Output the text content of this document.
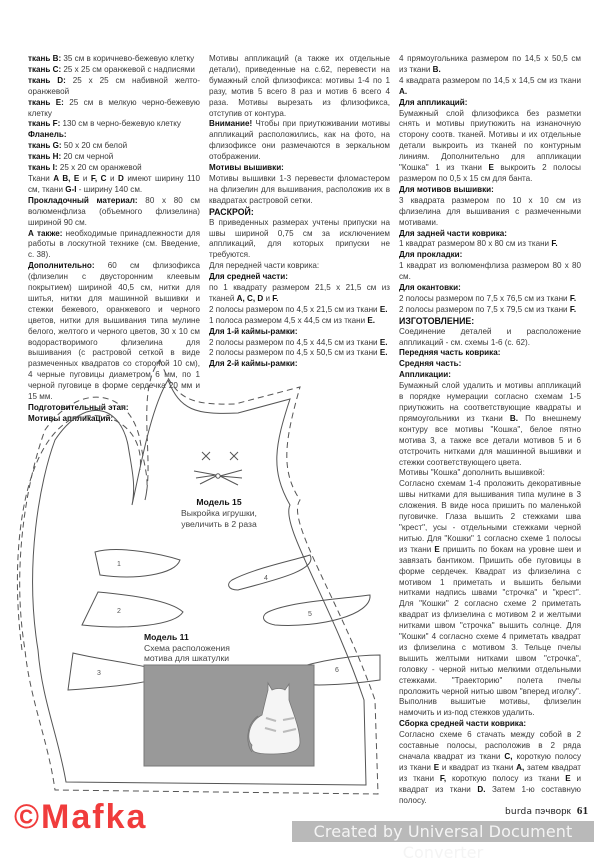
©Mafka

ткань B: 35 см в коричнево-бежевую клетку

ткань C: 25 x 25 см оранжевой с надписями

ткань D: 25 x 25 см набивной желто-оранжевой

ткань E: 25 см в мелкую черно-бежевую клетку

ткань F: 130 см в черно-бежевую клетку

Фланель:

ткань G: 50 x 20 см белой

ткань H: 20 см черной

ткань I: 25 x 20 см оранжевой

Ткани A B, E и F, C и D имеют ширину 110 см, ткани G-I - ширину 140 см.

Прокладочный материал: 80 x 80 см волюменфлиза (объемного флизелина) шириной 90 см.

А также: необходимые принадлежности для работы в лоскутной технике (см. Введение, с. 38).

Дополнительно: 60 см флизофикса (флизелин с двусторонним клеевым покрытием) шириной 40,5 см, нитки для шитья, нитки для машинной вышивки и стежки бежевого, оранжевого и черного цветов, нитки для вышивания типа мулине белого, желтого и черного цветов, 30 x 10 см водорастворимого флизелина для вышивания (с растровой сеткой в виде размеченных квадратов со стороной 10 см), 4 черные пуговицы диаметром 6 мм, по 1 черной пуговице в форме сердечка 20 мм и 15 мм.

Подготовительный этап:
Мотивы аппликаций:

Мотивы аппликаций (а также их отдельные детали), приведенные на с.62, перевести на бумажный слой флизофикса: мотивы 1-4 по 1 разу, мотив 5 всего 8 раз и мотив 6 всего 4 раза. Мотивы вырезать из флизофикса, отступив от контура.

Внимание! Чтобы при приутюживании мотивы аппликаций расположились, как на фото, на флизофиксе они размечаются в зеркальном отображении.

Мотивы вышивки:

Мотивы вышивки 1-3 перевести фломастером на флизелин для вышивания, расположив их в квадратах растровой сетки.

РАСКРОЙ:

В приведенных размерах учтены припуски на швы шириной 0,75 см за исключением аппликаций, для которых припуски не требуются.

Для передней части коврика:

Для средней части:

по 1 квадрату размером 21,5 x 21,5 см из тканей A, C, D и F.

2 полосы размером по 4,5 x 21,5 см из ткани E.

1 полоса размером 4,5 x 44,5 см из ткани E.

Для 1-й каймы-рамки:

2 полосы размером по 4,5 x 44,5 см из ткани E.

2 полосы размером по 4,5 x 50,5 см из ткани E.

Для 2-й каймы-рамки:

4 прямоугольника размером по 14,5 x 50,5 см из ткани B.

4 квадрата размером по 14,5 x 14,5 см из ткани A.

Для аппликаций:

Бумажный слой флизофикса без разметки снять и мотивы приутюжить на изнаночную сторону соотв. тканей. Мотивы и их отдельные детали выкроить из тканей по контурным линиям. Дополнительно для аппликации "Кошка" 1 из ткани E выкроить 2 полосы размером по 0,5 x 15 см для банта.

Для мотивов вышивки:

3 квадрата размером по 10 x 10 см из флизелина для вышивания с размеченными мотивами.

Для задней части коврика:

1 квадрат размером 80 x 80 см из ткани F.

Для прокладки:

1 квадрат из волюменфлиза размером 80 x 80 см.

Для окантовки:

2 полосы размером по 7,5 x 76,5 см из ткани F.

2 полосы размером по 7,5 x 79,5 см из ткани F.

ИЗГОТОВЛЕНИЕ:

Соединение деталей и расположение аппликаций - см. схемы 1-6 (с. 62).

Передняя часть коврика:
Средняя часть:
Аппликации:

Бумажный слой удалить и мотивы аппликаций в порядке нумерации согласно схемам 1-5 приутюжить на соответствующие квадраты и прямоугольники из ткани B. По внешнему контуру все мотивы "Кошка", белое пятно мотива 3, а также все детали мотивов 5 и 6 отстрочить нитками для машинной вышивки и стежки соответствующего цвета.

Мотивы "Кошка" дополнить вышивкой:

Согласно схемам 1-4 проложить декоративные швы нитками для вышивания типа мулине в 3 сложения. В виде носа пришить по маленькой пуговичке. Глаза вышить 2 стежками шва "крест", усы - отдельными стежками черной нитью. Для "Кошки" 1 согласно схеме 1 полосы из ткани E пришить по бокам на уровне шеи и завязать бантиком. Пришить обе пуговицы в форме сердечек. Квадрат из флизелина с мотивом 1 приметать и вышить белыми нитками надпись швами "строчка" и "крест". Для "Кошки" 2 согласно схеме 2 приметать квадрат из флизелина с мотивом 2 и желтыми нитками швом "строчка" вышить солнце. Для "Кошки" 4 согласно схеме 4 приметать квадрат из флизелина с мотивом 3. Тельце пчелы вышить желтыми нитками швом "строчка", головку - черной нитью мелкими отдельными стежками. "Траекторию" полета пчелы проложить черной нитью швом "вперед иголку". Выполнив вышитые мотивы, флизелин намочить и из-под стежков удалить.

Сборка средней части коврика:

Согласно схеме 6 стачать между собой в 2 составные полосы, расположив в 2 ряда сначала квадрат из ткани C, короткую полосу из ткани E и квадрат из ткани A, затем квадрат из ткани F, короткую полосу из ткани E и квадрат из ткани D. Затем 1-ю составную полосу.

1
2
3
4
5
6
Модель 15
Выкройка игрушки,
увеличить в 2 раза
Модель 11
Схема расположения
мотива для шкатулки
burda пэчворк 61
Created by Universal Document Converter
